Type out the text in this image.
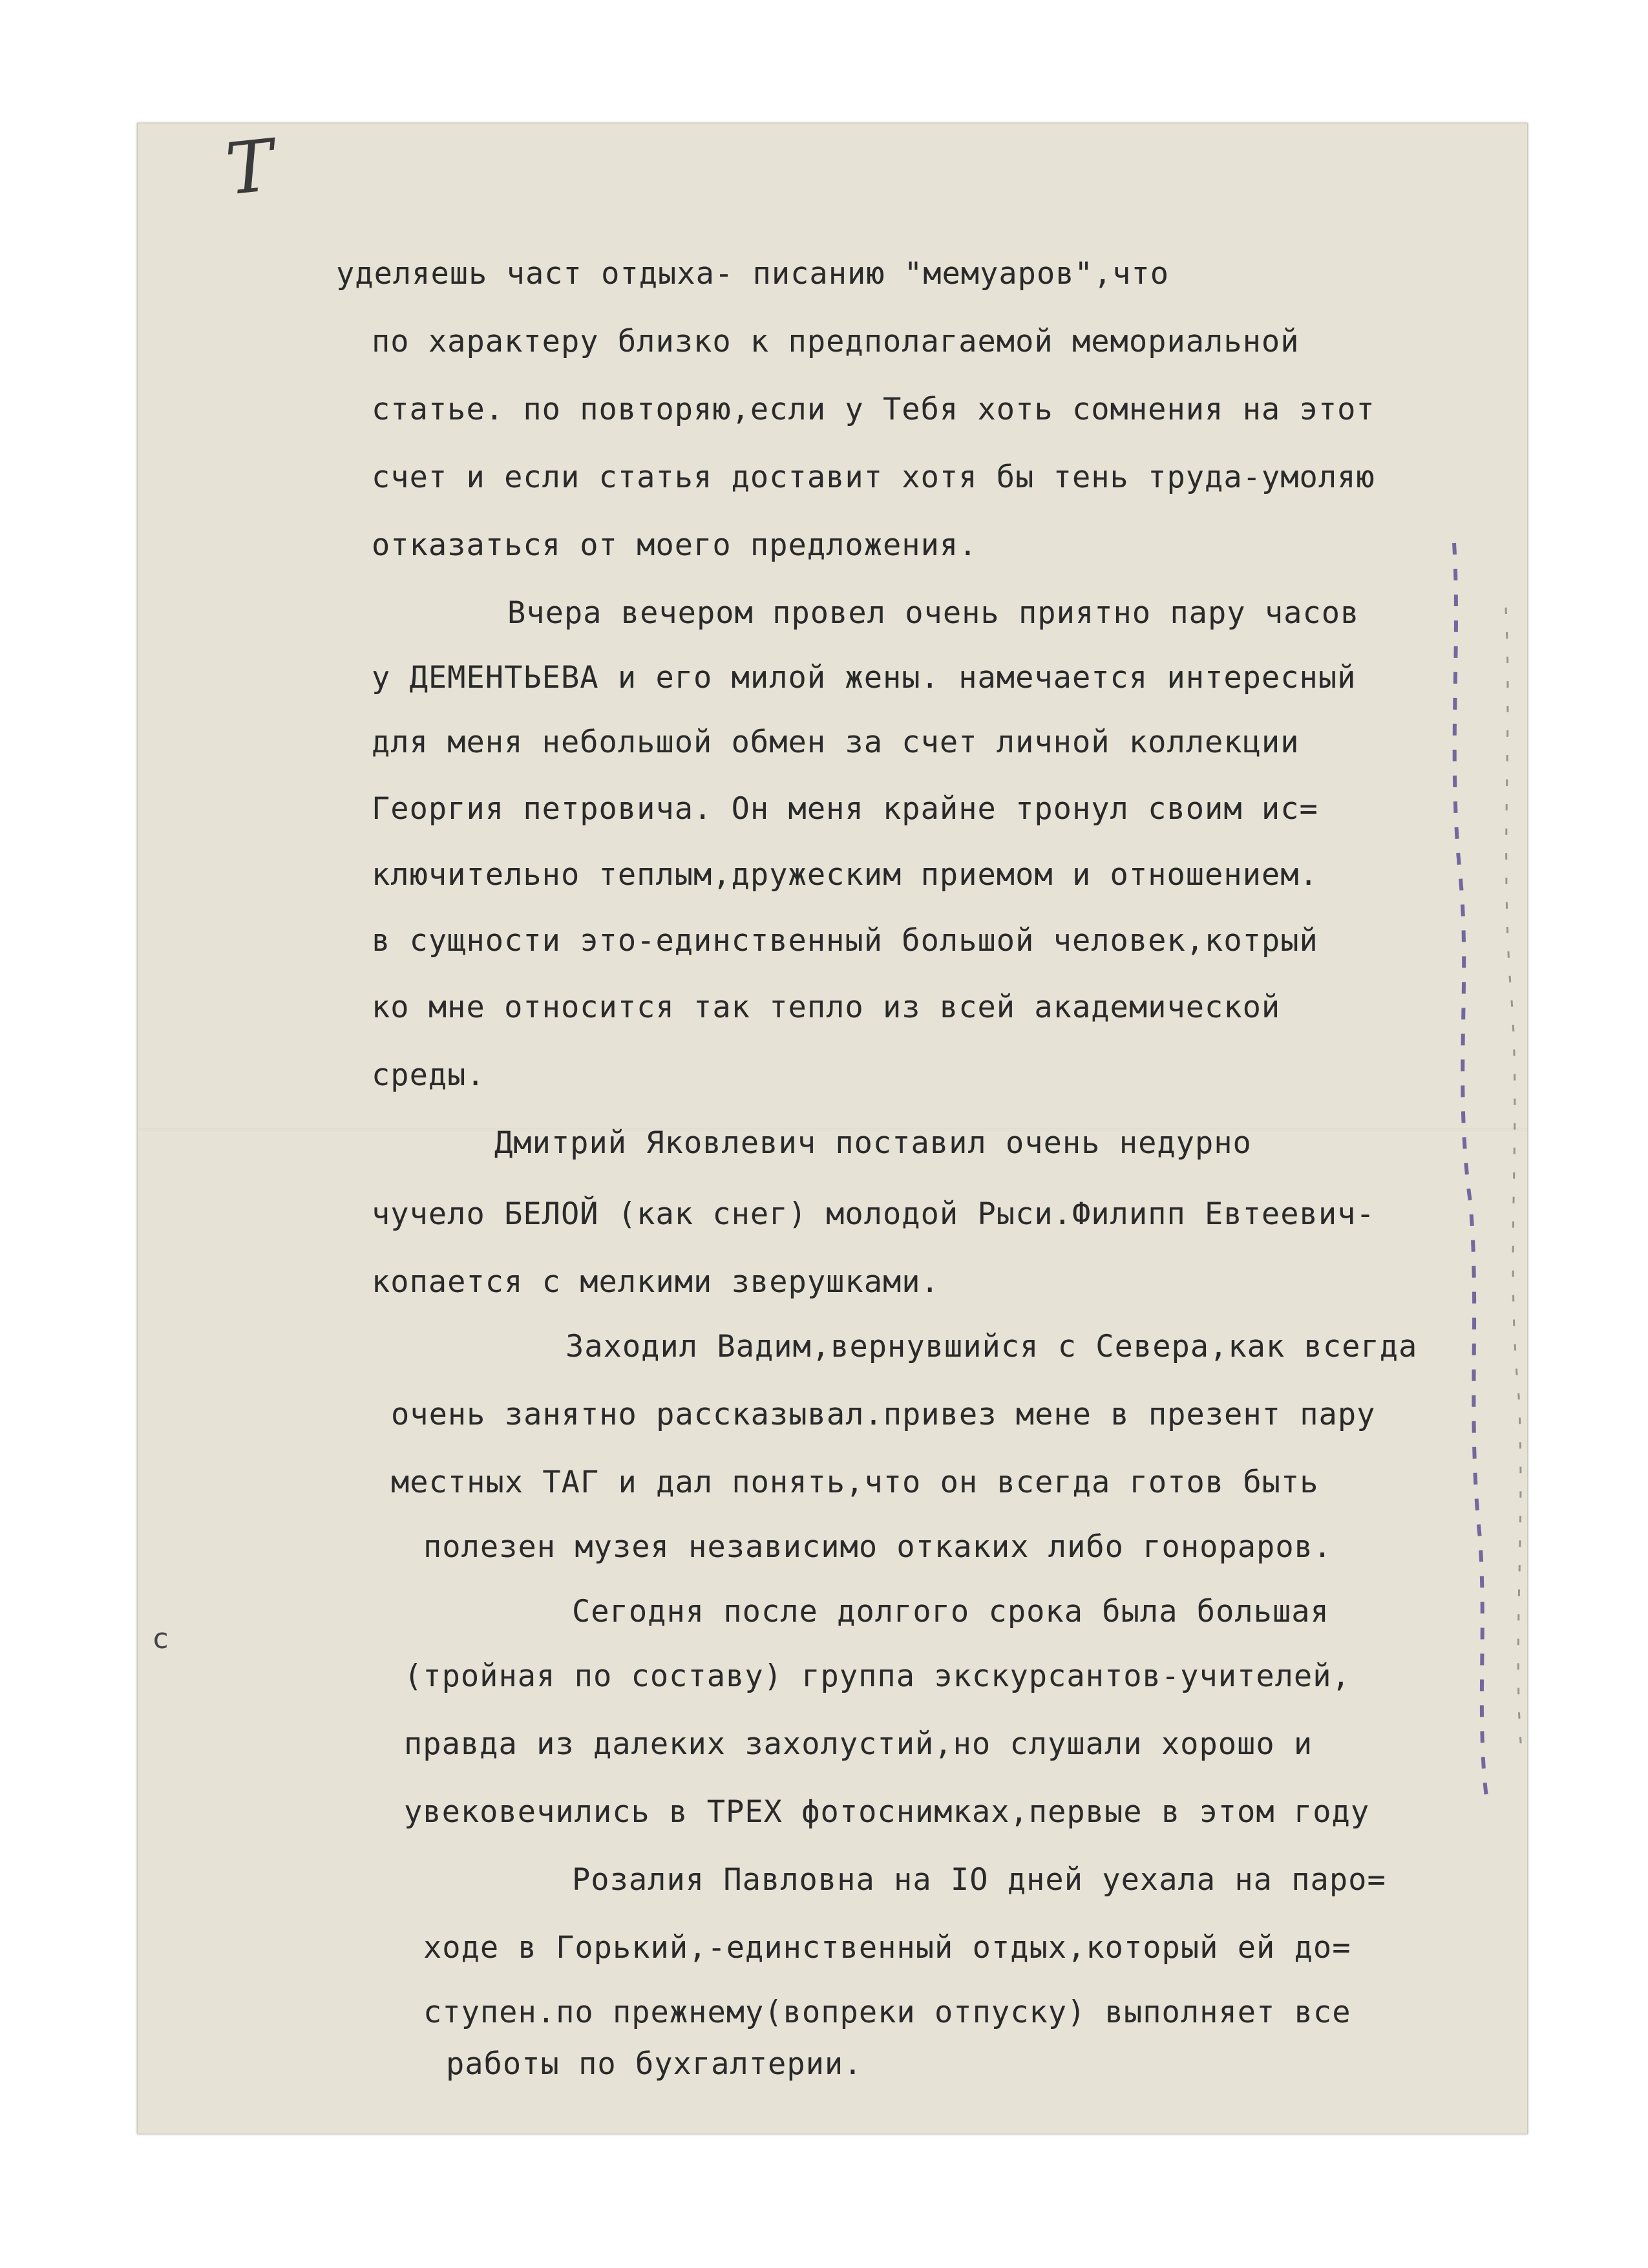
Т
уделяешь част отдыха- писанию "мемуаров",что
по характеру близко к предполагаемой мемориальной
статье. по повторяю,если у Тебя хоть сомнения на этот
счет и если статья доставит хотя бы тень труда-умоляю
отказаться от моего предложения.
Вчера вечером провел очень приятно пару часов
у ДЕМЕНТЬЕВА и его милой жены. намечается интересный
для меня небольшой обмен за счет личной коллекции
Георгия петровича. Он меня крайне тронул своим ис=
ключительно теплым,дружеским приемом и отношением.
в сущности это-единственный большой человек,котрый
ко мне относится так тепло из всей академической
среды.
Дмитрий Яковлевич поставил очень недурно
чучело БЕЛОЙ (как снег) молодой Рыси.Филипп Евтеевич-
копается с мелкими зверушками.
Заходил Вадим,вернувшийся с Севера,как всегда
очень занятно рассказывал.привез мене в презент пару
местных ТАГ и дал понять,что он всегда готов быть
полезен музея независимо откаких либо гонораров.
Сегодня после долгого срока была большая
(тройная по составу) группа экскурсантов-учителей,
правда из далеких захолустий,но слушали хорошо и
увековечились в ТРЕХ фотоснимках,первые в этом году
Розалия Павловна на IO дней уехала на паро=
ходе в Горький,-единственный отдых,который ей до=
ступен.по прежнему(вопреки отпуску) выполняет все
работы по бухгалтерии.
с
